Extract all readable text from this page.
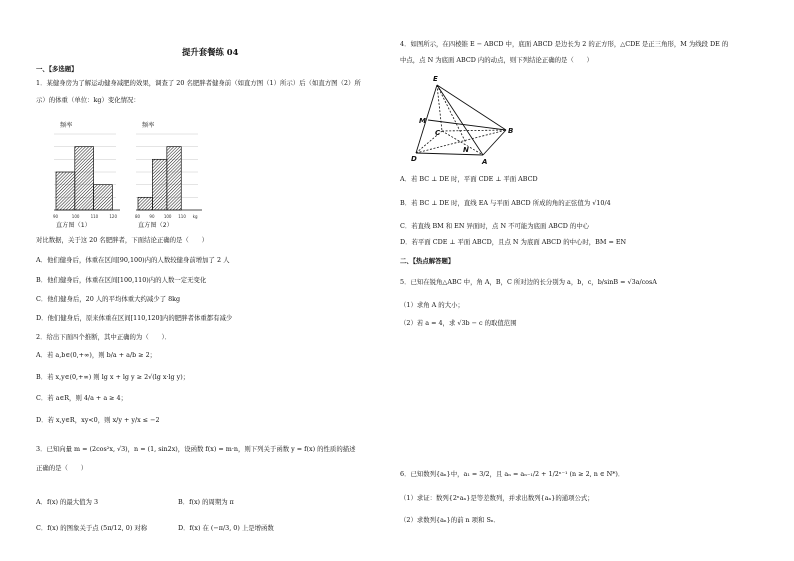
提升套餐练 04
一、【多选题】
1．某健身房为了解运动健身减肥的效果，调查了 20 名肥胖者健身前（如直方图（1）所示）后（如直方图（2）所
示）的体重（单位：kg）变化情况：
频率
90	100	110	120
直方图（1）
频率
80 90 100 110 kg
直方图（2）
对比数据，关于这 20 名肥胖者，下面结论正确的是（　　）
A．他们健身后，体重在区间[90,100)内的人数较健身前增加了 2 人
B．他们健身后，体重在区间[100,110)内的人数一定无变化
C．他们健身后，20 人的平均体重大约减少了 8kg
D．他们健身后，原来体重在区间[110,120]内的肥胖者体重都有减少
2．给出下面四个推断，其中正确的为（　　）．
A．若 a,b∈(0,+∞)，则 b/a + a/b ≥ 2；
B．若 x,y∈(0,+∞) 则 lg x + lg y ≥ 2√(lg x·lg y)；
C．若 a∈R，则 4/a + a ≥ 4；
D．若 x,y∈R，xy<0，则 x/y + y/x ≤ −2
3．已知向量 m = (2cos²x, √3)，n = (1, sin2x)，设函数 f(x) = m·n，则下列关于函数 y = f(x) 的性质的描述
正确的是（　　）
A．f(x) 的最大值为 3	B．f(x) 的周期为 π
C．f(x) 的图象关于点 (5π/12, 0) 对称	D．f(x) 在 (−π/3, 0) 上是增函数
4．如图所示，在四棱锥 E − ABCD 中，底面 ABCD 是边长为 2 的正方形，△CDE 是正三角形，M 为线段 DE 的
中点，点 N 为底面 ABCD 内的动点，则下列结论正确的是（　　）
E
M
C	B
N
D	A
A．若 BC ⊥ DE 时，平面 CDE ⊥ 平面 ABCD
B．若 BC ⊥ DE 时，直线 EA 与平面 ABCD 所成的角的正弦值为 √10/4
C．若直线 BM 和 EN 异面时，点 N 不可能为底面 ABCD 的中心
D．若平面 CDE ⊥ 平面 ABCD，且点 N 为底面 ABCD 的中心时，BM = EN
二、【热点解答题】
5．已知在锐角△ABC 中，角 A，B，C 所对边的长分别为 a，b，c，b/sinB = √3a/cosA
（1）求角 A 的大小；
（2）若 a = 4，求 √3b − c 的取值范围
6．已知数列{aₙ}中，a₁ = 3/2，且 aₙ = aₙ₋₁/2 + 1/2ⁿ⁻¹ (n ≥ 2, n ∈ N*)．
（1）求证：数列{2ⁿaₙ}是等差数列，并求出数列{aₙ}的通项公式；
（2）求数列{aₙ}的前 n 项和 Sₙ．
